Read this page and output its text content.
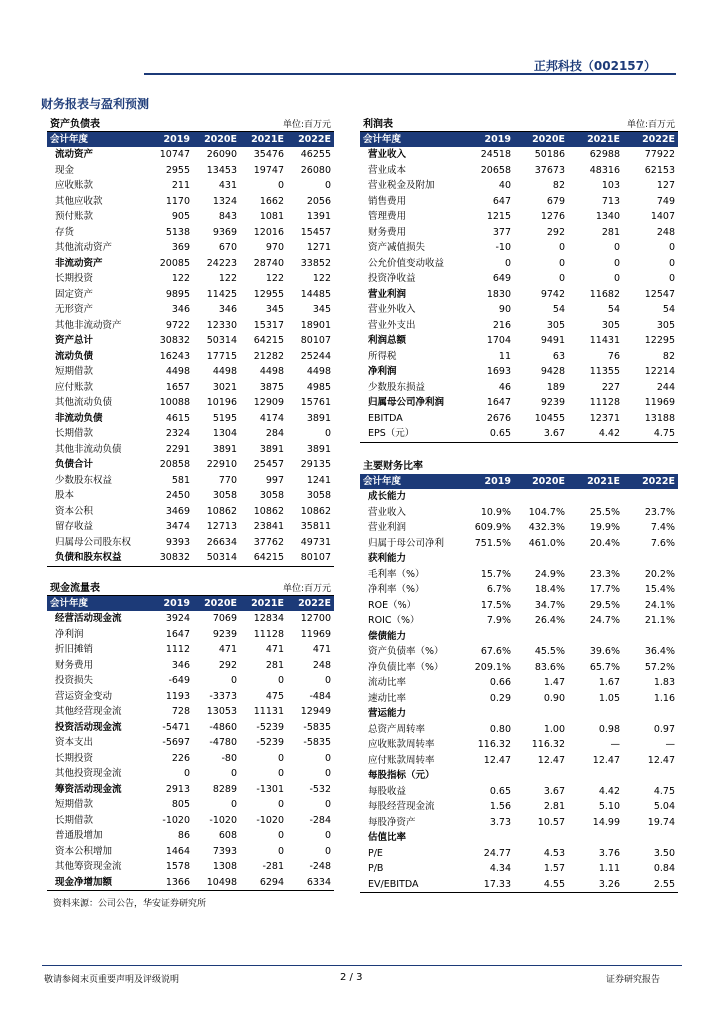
正邦科技（002157）
财务报表与盈利预测
资产负债表	单位:百万元
会计年度	2019	2020E	2021E	2022E
流动资产	10747	26090	35476	46255
现金	2955	13453	19747	26080
应收账款	211	431	0	0
其他应收款	1170	1324	1662	2056
预付账款	905	843	1081	1391
存货	5138	9369	12016	15457
其他流动资产	369	670	970	1271
非流动资产	20085	24223	28740	33852
长期投资	122	122	122	122
固定资产	9895	11425	12955	14485
无形资产	346	346	345	345
其他非流动资产	9722	12330	15317	18901
资产总计	30832	50314	64215	80107
流动负债	16243	17715	21282	25244
短期借款	4498	4498	4498	4498
应付账款	1657	3021	3875	4985
其他流动负债	10088	10196	12909	15761
非流动负债	4615	5195	4174	3891
长期借款	2324	1304	284	0
其他非流动负债	2291	3891	3891	3891
负债合计	20858	22910	25457	29135
少数股东权益	581	770	997	1241
股本	2450	3058	3058	3058
资本公积	3469	10862	10862	10862
留存收益	3474	12713	23841	35811
归属母公司股东权	9393	26634	37762	49731
负债和股东权益	30832	50314	64215	80107
现金流量表	单位:百万元
会计年度	2019	2020E	2021E	2022E
经营活动现金流	3924	7069	12834	12700
净利润	1647	9239	11128	11969
折旧摊销	1112	471	471	471
财务费用	346	292	281	248
投资损失	-649	0	0	0
营运资金变动	1193	-3373	475	-484
其他经营现金流	728	13053	11131	12949
投资活动现金流	-5471	-4860	-5239	-5835
资本支出	-5697	-4780	-5239	-5835
长期投资	226	-80	0	0
其他投资现金流	0	0	0	0
筹资活动现金流	2913	8289	-1301	-532
短期借款	805	0	0	0
长期借款	-1020	-1020	-1020	-284
普通股增加	86	608	0	0
资本公积增加	1464	7393	0	0
其他筹资现金流	1578	1308	-281	-248
现金净增加额	1366	10498	6294	6334
利润表	单位:百万元
会计年度	2019	2020E	2021E	2022E
营业收入	24518	50186	62988	77922
营业成本	20658	37673	48316	62153
营业税金及附加	40	82	103	127
销售费用	647	679	713	749
管理费用	1215	1276	1340	1407
财务费用	377	292	281	248
资产减值损失	-10	0	0	0
公允价值变动收益	0	0	0	0
投资净收益	649	0	0	0
营业利润	1830	9742	11682	12547
营业外收入	90	54	54	54
营业外支出	216	305	305	305
利润总额	1704	9491	11431	12295
所得税	11	63	76	82
净利润	1693	9428	11355	12214
少数股东损益	46	189	227	244
归属母公司净利润	1647	9239	11128	11969
EBITDA	2676	10455	12371	13188
EPS（元）	0.65	3.67	4.42	4.75
主要财务比率
会计年度	2019	2020E	2021E	2022E
成长能力				
营业收入	10.9%	104.7%	25.5%	23.7%
营业利润	609.9%	432.3%	19.9%	7.4%
归属于母公司净利	751.5%	461.0%	20.4%	7.6%
获利能力				
毛利率（%）	15.7%	24.9%	23.3%	20.2%
净利率（%）	6.7%	18.4%	17.7%	15.4%
ROE（%）	17.5%	34.7%	29.5%	24.1%
ROIC（%）	7.9%	26.4%	24.7%	21.1%
偿债能力				
资产负债率（%）	67.6%	45.5%	39.6%	36.4%
净负债比率（%）	209.1%	83.6%	65.7%	57.2%
流动比率	0.66	1.47	1.67	1.83
速动比率	0.29	0.90	1.05	1.16
营运能力				
总资产周转率	0.80	1.00	0.98	0.97
应收账款周转率	116.32	116.32	—	—
应付账款周转率	12.47	12.47	12.47	12.47
每股指标（元）				
每股收益	0.65	3.67	4.42	4.75
每股经营现金流	1.56	2.81	5.10	5.04
每股净资产	3.73	10.57	14.99	19.74
估值比率				
P/E	24.77	4.53	3.76	3.50
P/B	4.34	1.57	1.11	0.84
EV/EBITDA	17.33	4.55	3.26	2.55
资料来源：公司公告，华安证券研究所
敬请参阅末页重要声明及评级说明	2 / 3	证券研究报告
